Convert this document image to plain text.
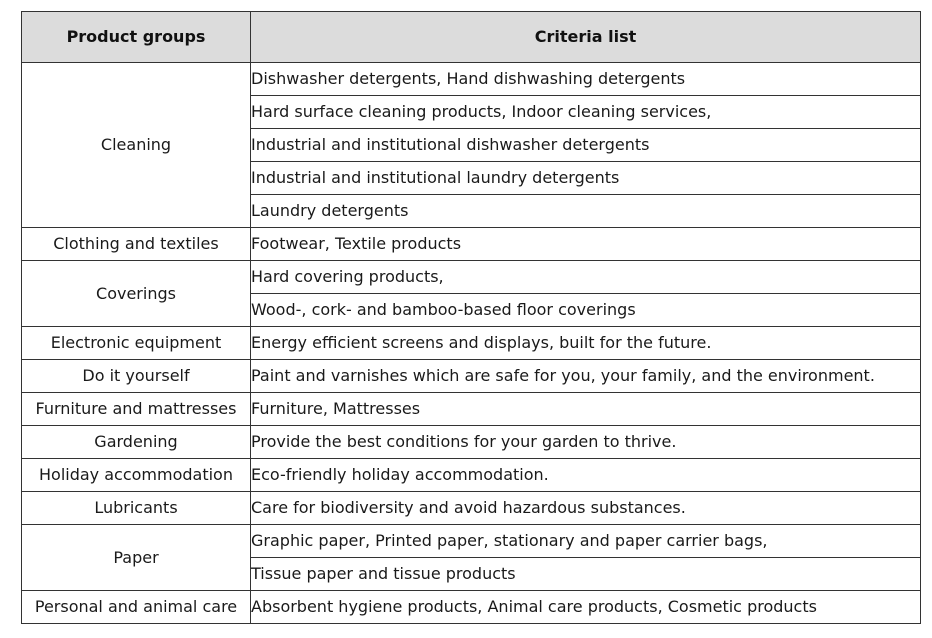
Product groups	Criteria list
Cleaning	Dishwasher detergents, Hand dishwashing detergents
	Hard surface cleaning products, Indoor cleaning services,
	Industrial and institutional dishwasher detergents
	Industrial and institutional laundry detergents
	Laundry detergents
Clothing and textiles	Footwear, Textile products
Coverings	Hard covering products,
	Wood-, cork- and bamboo-based floor coverings
Electronic equipment	Energy efficient screens and displays, built for the future.
Do it yourself	Paint and varnishes which are safe for you, your family, and the environment.
Furniture and mattresses	Furniture, Mattresses
Gardening	Provide the best conditions for your garden to thrive.
Holiday accommodation	Eco-friendly holiday accommodation.
Lubricants	Care for biodiversity and avoid hazardous substances.
Paper	Graphic paper, Printed paper, stationary and paper carrier bags,
	Tissue paper and tissue products
Personal and animal care	Absorbent hygiene products, Animal care products, Cosmetic products
